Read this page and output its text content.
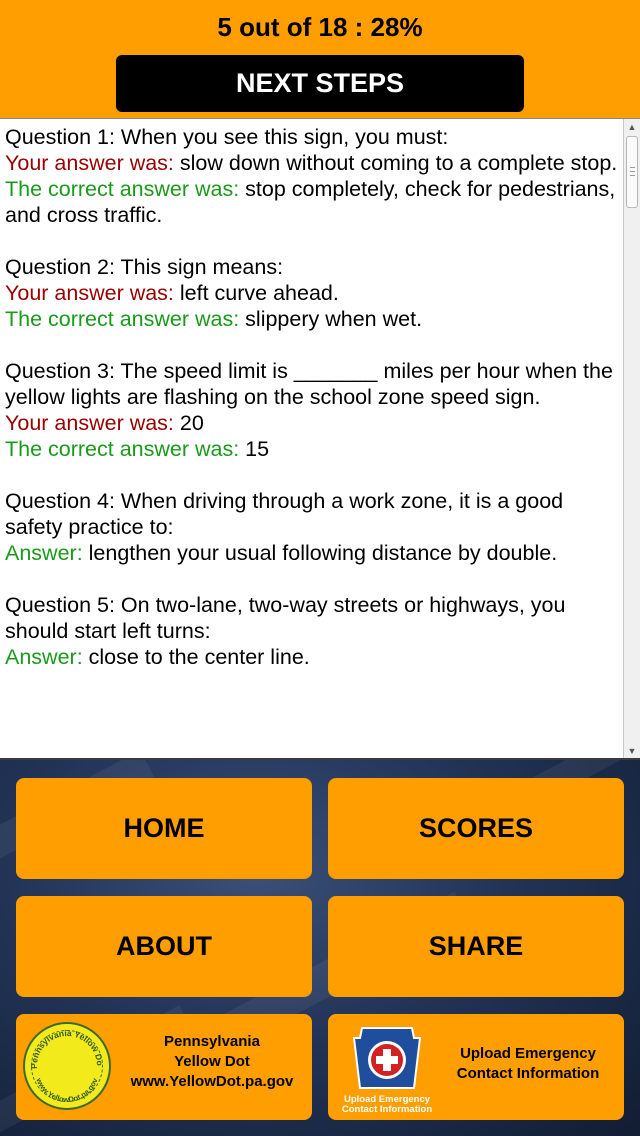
5 out of 18 : 28%
NEXT STEPS
Question 1: When you see this sign, you must:
Your answer was: slow down without coming to a complete stop.
The correct answer was: stop completely, check for pedestrians, and cross traffic.
Question 2: This sign means:
Your answer was: left curve ahead.
The correct answer was: slippery when wet.
Question 3: The speed limit is _______ miles per hour when the yellow lights are flashing on the school zone speed sign.
Your answer was: 20
The correct answer was: 15
Question 4: When driving through a work zone, it is a good safety practice to:
Answer: lengthen your usual following distance by double.
Question 5: On two-lane, two-way streets or highways, you should start left turns:
Answer: close to the center line.
▲
▼
HOME	SCORES
ABOUT	SHARE
Pennsylvania Yellow Do
www.YellowDot.pa.gov
Pennsylvania
Yellow Dot
www.YellowDot.pa.gov
Upload Emergency
Contact Information
Upload Emergency
Contact Information
